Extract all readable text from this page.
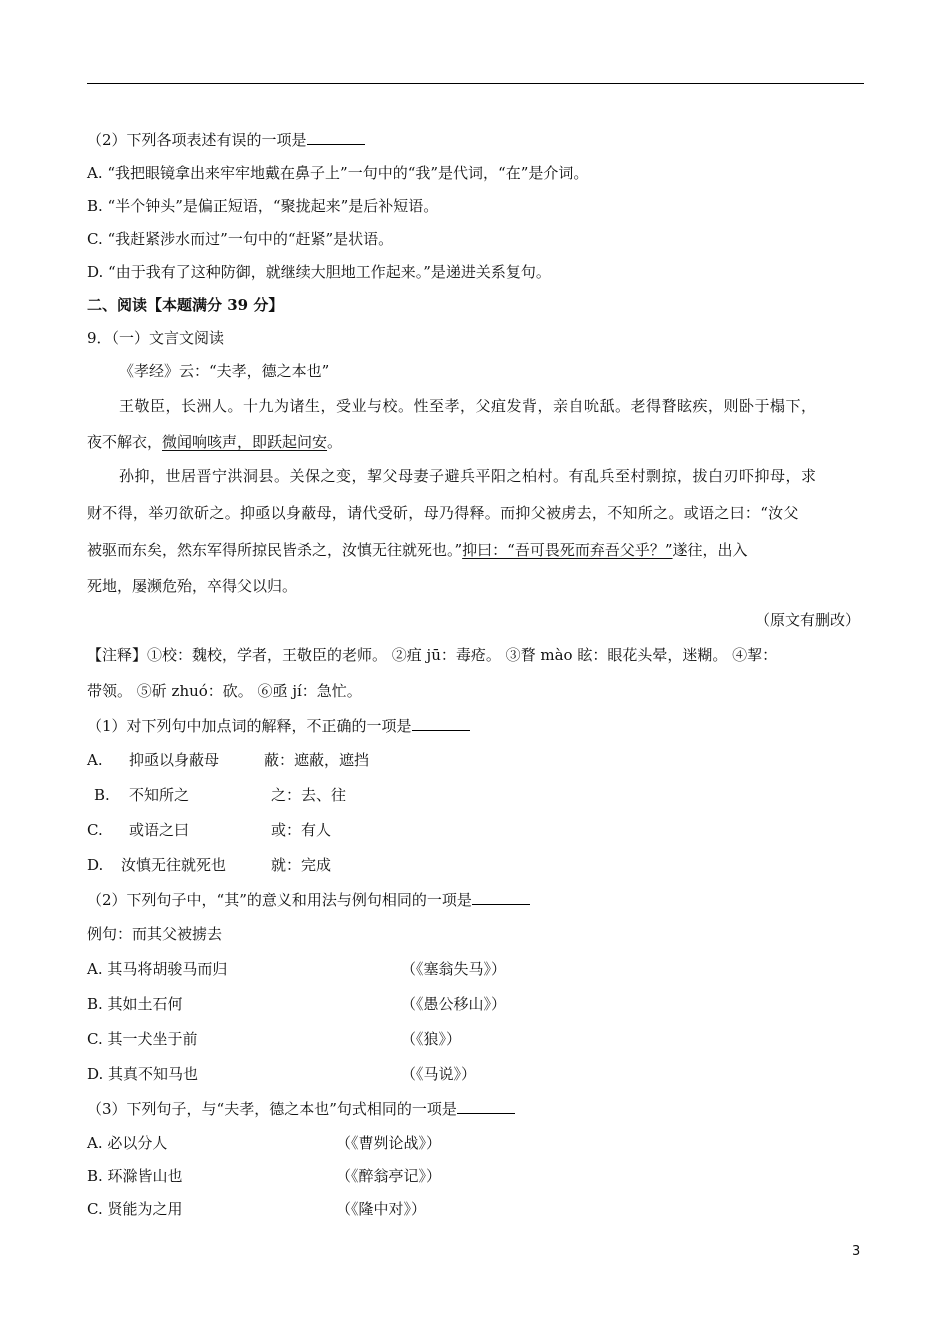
（2）下列各项表述有误的一项是
A. “我把眼镜拿出来牢牢地戴在鼻子上”一句中的“我”是代词，“在”是介词。
B. “半个钟头”是偏正短语，“聚拢起来”是后补短语。
C. “我赶紧涉水而过”一句中的“赶紧”是状语。
D. “由于我有了这种防御，就继续大胆地工作起来。”是递进关系复句。
二、阅读【本题满分 39 分】
9．（一）文言文阅读
《孝经》云：“夫孝，德之本也”
王敬臣，长洲人。十九为诸生，受业与校。性至孝，父疽发背，亲自吮舐。老得瞀眩疾，则卧于榻下，
夜不解衣，微闻响咳声，即跃起问安。
孙抑，世居晋宁洪洞县。关保之变，挈父母妻子避兵平阳之柏村。有乱兵至村剽掠，拔白刃吓抑母，求
财不得，举刃欲斫之。抑亟以身蔽母，请代受斫，母乃得释。而抑父被虏去，不知所之。或语之曰：“汝父
被驱而东矣，然东军得所掠民皆杀之，汝慎无往就死也。”抑曰：“吾可畏死而弃吾父乎？”遂往，出入
死地，屡濒危殆，卒得父以归。
（原文有删改）
【注释】①校：魏校，学者，王敬臣的老师。 ②疽 jū：毒疮。 ③瞀 mào 眩：眼花头晕，迷糊。 ④挈：
带领。 ⑤斫 zhuó：砍。 ⑥亟 jí：急忙。
（1）对下列句中加点词的解释，不正确的一项是
A. 抑亟以身蔽母	蔽：遮蔽，遮挡
B. 不知所之	之：去、往
C. 或语之曰	或：有人
D. 汝慎无往就死也	就：完成
（2）下列句子中，“其”的意义和用法与例句相同的一项是
例句：而其父被掳去
A. 其马将胡骏马而归	（《塞翁失马》）
B. 其如土石何	（《愚公移山》）
C. 其一犬坐于前	（《狼》）
D. 其真不知马也	（《马说》）
（3）下列句子，与“夫孝，德之本也”句式相同的一项是
A. 必以分人	（《曹刿论战》）
B. 环滁皆山也	（《醉翁亭记》）
C. 贤能为之用	（《隆中对》）
3
